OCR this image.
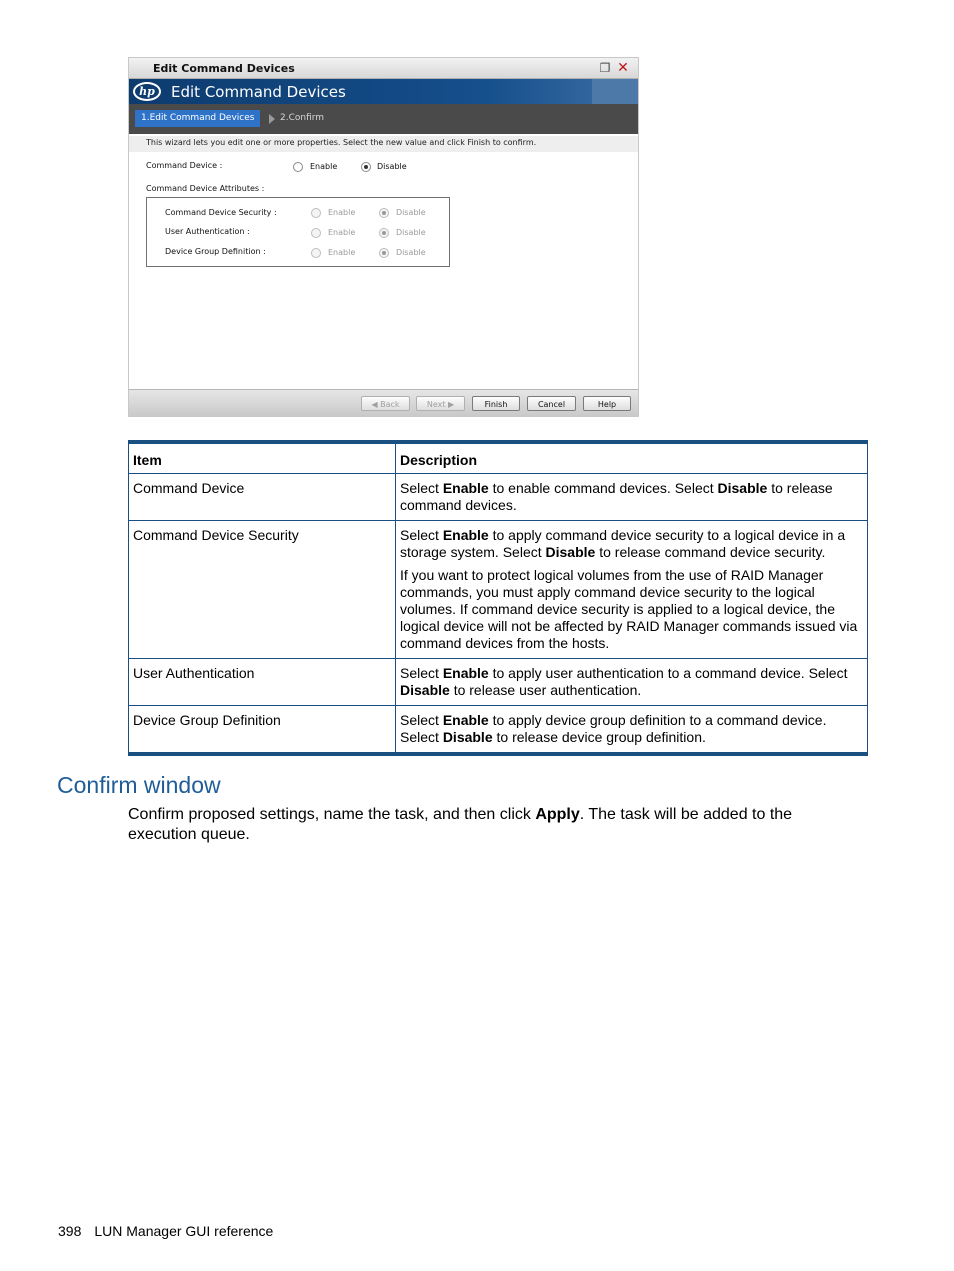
Edit Command Devices	❐ ✕
hp	Edit Command Devices
1.Edit Command Devices	2.Confirm
This wizard lets you edit one or more properties. Select the new value and click Finish to confirm.
Command Device :	Enable	Disable
Command Device Attributes :
Command Device Security :	Enable	Disable
User Authentication :	Enable	Disable
Device Group Definition :	Enable	Disable
◀ Back	Next ▶	Finish	Cancel	Help
Item	Description
Command Device	Select Enable to enable command devices. Select Disable to release command devices.

Command Device Security	Select Enable to apply command device security to a logical device in a storage system. Select Disable to release command device security.

If you want to protect logical volumes from the use of RAID Manager commands, you must apply command device security to the logical volumes. If command device security is applied to a logical device, the logical device will not be affected by RAID Manager commands issued via command devices from the hosts.

User Authentication	Select Enable to apply user authentication to a command device. Select Disable to release user authentication.

Device Group Definition	Select Enable to apply device group definition to a command device. Select Disable to release device group definition.

Confirm window
Confirm proposed settings, name the task, and then click Apply. The task will be added to the execution queue.
398 LUN Manager GUI reference
